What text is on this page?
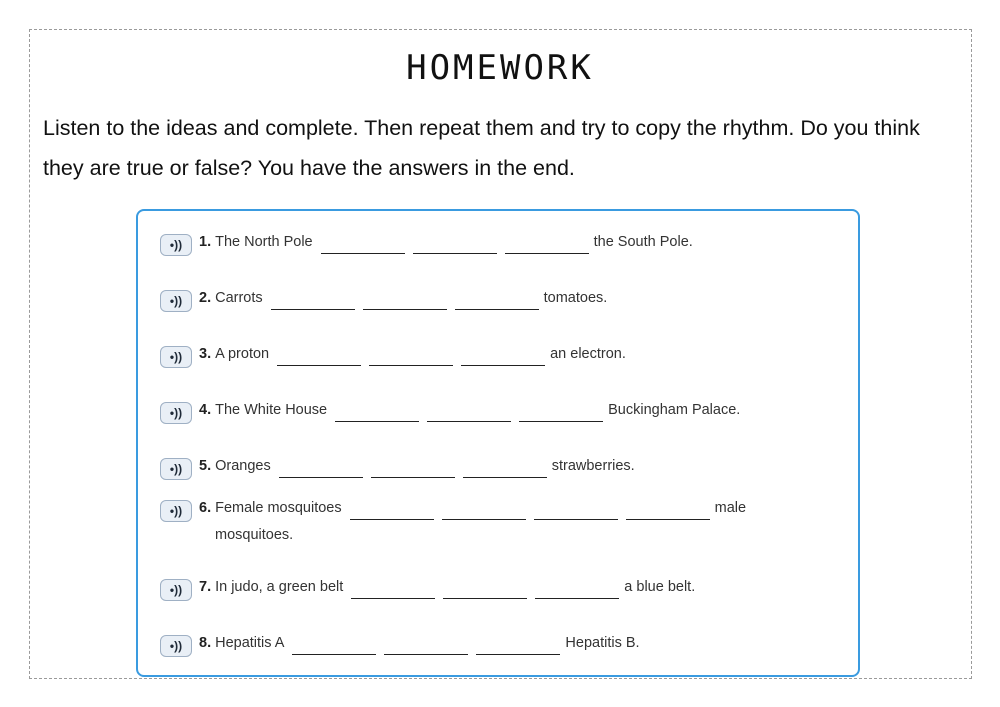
HOMEWORK

Listen to the ideas and complete. Then repeat them and try to copy the rhythm. Do you think they are true or false? You have the answers in the end.

•)) 1. The North Pole	the South Pole.
•)) 2. Carrots	tomatoes.
•)) 3. A proton	an electron.
•)) 4. The White House	Buckingham Palace.
•)) 5. Oranges	strawberries.
•)) 6. Female mosquitoes	male
mosquitoes.
•)) 7. In judo, a green belt	a blue belt.
•)) 8. Hepatitis A	Hepatitis B.
